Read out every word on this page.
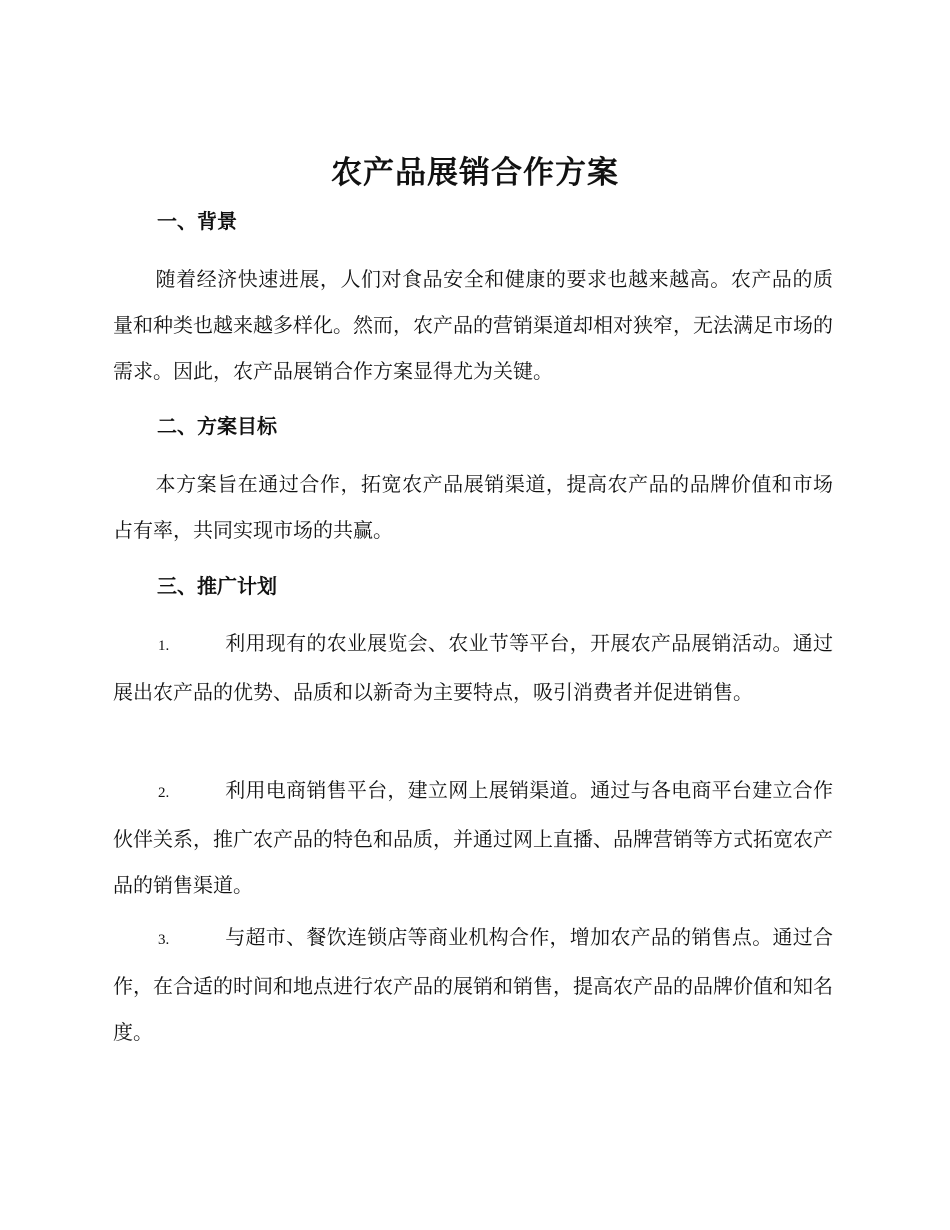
农产品展销合作方案
一、背景

随着经济快速进展，人们对食品安全和健康的要求也越来越高。农产品的质量和种类也越来越多样化。然而，农产品的营销渠道却相对狭窄，无法满足市场的需求。因此，农产品展销合作方案显得尤为关键。

二、方案目标

本方案旨在通过合作，拓宽农产品展销渠道，提高农产品的品牌价值和市场占有率，共同实现市场的共赢。

三、推广计划

1.	利用现有的农业展览会、农业节等平台，开展农产品展销活动。通过展出农产品的优势、品质和以新奇为主要特点，吸引消费者并促进销售。

2.	利用电商销售平台，建立网上展销渠道。通过与各电商平台建立合作伙伴关系，推广农产品的特色和品质，并通过网上直播、品牌营销等方式拓宽农产品的销售渠道。

3.	与超市、餐饮连锁店等商业机构合作，增加农产品的销售点。通过合作，在合适的时间和地点进行农产品的展销和销售，提高农产品的品牌价值和知名度。
